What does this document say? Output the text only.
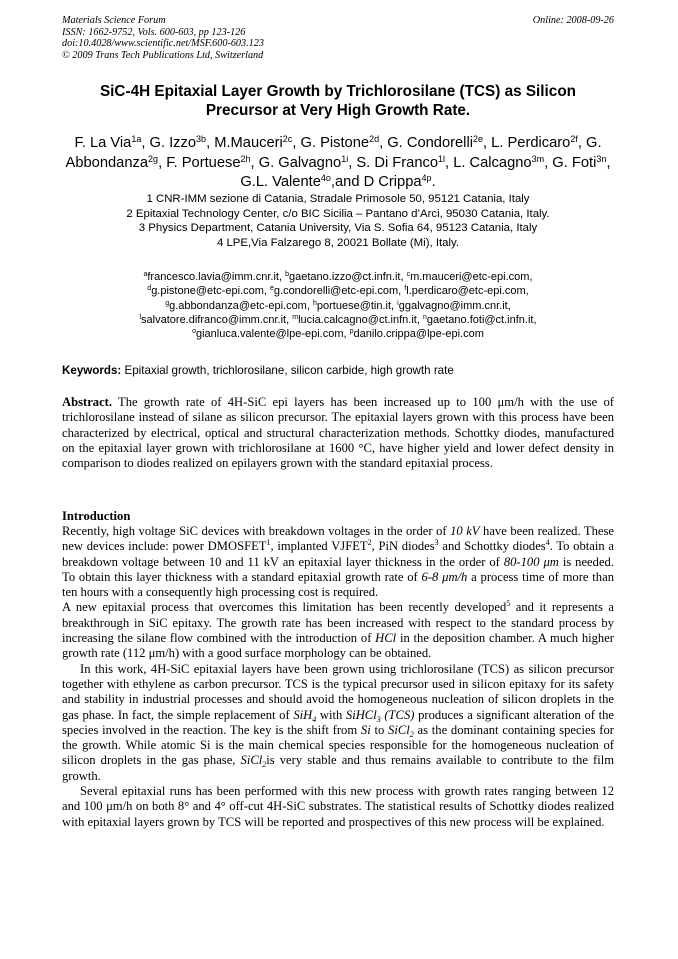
Materials Science Forum
ISSN: 1662-9752, Vols. 600-603, pp 123-126
doi:10.4028/www.scientific.net/MSF.600-603.123
© 2009 Trans Tech Publications Ltd, Switzerland
Online: 2008-09-26
SiC-4H Epitaxial Layer Growth by Trichlorosilane (TCS) as Silicon
Precursor at Very High Growth Rate.
F. La Via$^{1a}$, G. Izzo$^{3b}$, M.Mauceri$^{2c}$, G. Pistone$^{2d}$, G. Condorelli$^{2e}$, L. Perdicaro$^{2f}$, G. Abbondanza$^{2g}$, F. Portuese$^{2h}$, G. Galvagno$^{1i}$, S. Di Franco$^{1l}$, L. Calcagno$^{3m}$, G. Foti$^{3n}$, G.L. Valente$^{4o}$,and D Crippa$^{4p}$.
1 CNR-IMM sezione di Catania, Stradale Primosole 50, 95121 Catania, Italy
2 Epitaxial Technology Center, c/o BIC Sicilia – Pantano d’Arci, 95030 Catania, Italy.
3 Physics Department, Catania University, Via S. Sofia 64, 95123 Catania, Italy
4 LPE,Via Falzarego 8, 20021 Bollate (Mi), Italy.
$^a$francesco.lavia@imm.cnr.it, $^b$gaetano.izzo@ct.infn.it, $^c$m.mauceri@etc-epi.com,
$^d$g.pistone@etc-epi.com, $^e$g.condorelli@etc-epi.com, $^f$l.perdicaro@etc-epi.com,
$^g$g.abbondanza@etc-epi.com, $^h$portuese@tin.it, $^i$ggalvagno@imm.cnr.it,
$^l$salvatore.difranco@imm.cnr.it, $^m$lucia.calcagno@ct.infn.it, $^n$gaetano.foti@ct.infn.it,
$^o$gianluca.valente@lpe-epi.com, $^p$danilo.crippa@lpe-epi.com
Keywords: Epitaxial growth, trichlorosilane, silicon carbide, high growth rate
Abstract. The growth rate of 4H-SiC epi layers has been increased up to 100 μm/h with the use of trichlorosilane instead of silane as silicon precursor. The epitaxial layers grown with this process have been characterized by electrical, optical and structural characterization methods. Schottky diodes, manufactured on the epitaxial layer grown with trichlorosilane at 1600 °C, have higher yield and lower defect density in comparison to diodes realized on epilayers grown with the standard epitaxial process.
Introduction

Recently, high voltage SiC devices with breakdown voltages in the order of 10 kV have been realized. These new devices include: power DMOSFET$^1$, implanted VJFET$^2$, PiN diodes$^3$ and Schottky diodes$^4$. To obtain a breakdown voltage between 10 and 11 kV an epitaxial layer thickness in the order of 80-100 μm is needed. To obtain this layer thickness with a standard epitaxial growth rate of 6-8 μm/h a process time of more than ten hours with a consequently high processing cost is required.

A new epitaxial process that overcomes this limitation has been recently developed$^5$ and it represents a breakthrough in SiC epitaxy. The growth rate has been increased with respect to the standard process by increasing the silane flow combined with the introduction of HCl in the deposition chamber. A much higher growth rate (112 μm/h) with a good surface morphology can be obtained.

In this work, 4H-SiC epitaxial layers have been grown using trichlorosilane (TCS) as silicon precursor together with ethylene as carbon precursor. TCS is the typical precursor used in silicon epitaxy for its safety and stability in industrial processes and should avoid the homogeneous nucleation of silicon droplets in the gas phase. In fact, the simple replacement of SiH$_4$ with SiHCl$_3$ (TCS) produces a significant alteration of the species involved in the reaction. The key is the shift from Si to SiCl$_2$ as the dominant containing species for the growth. While atomic Si is the main chemical species responsible for the homogeneous nucleation of silicon droplets in the gas phase, SiCl$_2$is very stable and thus remains available to contribute to the film growth.

Several epitaxial runs has been performed with this new process with growth rates ranging between 12 and 100 μm/h on both 8° and 4° off-cut 4H-SiC substrates. The statistical results of Schottky diodes realized with epitaxial layers grown by TCS will be reported and prospectives of this new process will be explained.
